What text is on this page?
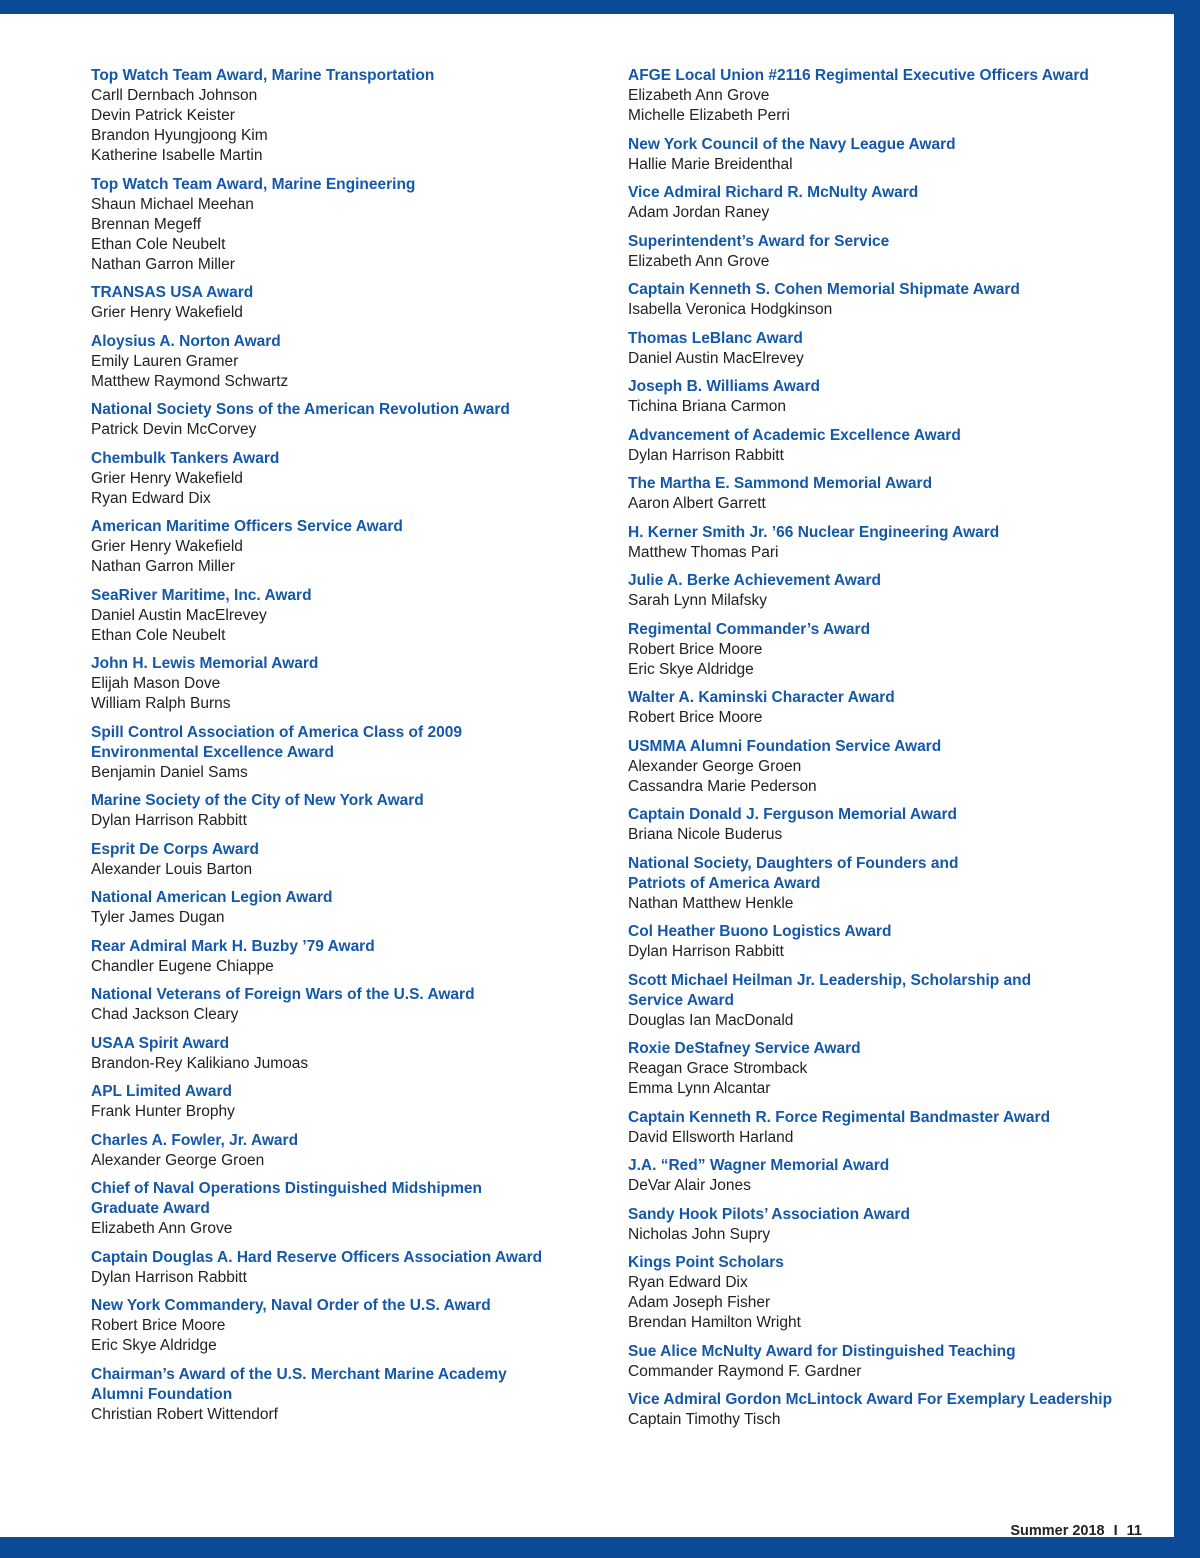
Top Watch Team Award, Marine Transportation
Carll Dernbach Johnson
Devin Patrick Keister
Brandon Hyungjoong Kim
Katherine Isabelle Martin
Top Watch Team Award, Marine Engineering
Shaun Michael Meehan
Brennan Megeff
Ethan Cole Neubelt
Nathan Garron Miller
TRANSAS USA Award
Grier Henry Wakefield
Aloysius A. Norton Award
Emily Lauren Gramer
Matthew Raymond Schwartz
National Society Sons of the American Revolution Award
Patrick Devin McCorvey
Chembulk Tankers Award
Grier Henry Wakefield
Ryan Edward Dix
American Maritime Officers Service Award
Grier Henry Wakefield
Nathan Garron Miller
SeaRiver Maritime, Inc. Award
Daniel Austin MacElrevey
Ethan Cole Neubelt
John H. Lewis Memorial Award
Elijah Mason Dove
William Ralph Burns
Spill Control Association of America Class of 2009
Environmental Excellence Award
Benjamin Daniel Sams
Marine Society of the City of New York Award
Dylan Harrison Rabbitt
Esprit De Corps Award
Alexander Louis Barton
National American Legion Award
Tyler James Dugan
Rear Admiral Mark H. Buzby ’79 Award
Chandler Eugene Chiappe
National Veterans of Foreign Wars of the U.S. Award
Chad Jackson Cleary
USAA Spirit Award
Brandon-Rey Kalikiano Jumoas
APL Limited Award
Frank Hunter Brophy
Charles A. Fowler, Jr. Award
Alexander George Groen
Chief of Naval Operations Distinguished Midshipmen
Graduate Award
Elizabeth Ann Grove
Captain Douglas A. Hard Reserve Officers Association Award
Dylan Harrison Rabbitt
New York Commandery, Naval Order of the U.S. Award
Robert Brice Moore
Eric Skye Aldridge
Chairman’s Award of the U.S. Merchant Marine Academy
Alumni Foundation
Christian Robert Wittendorf
AFGE Local Union #2116 Regimental Executive Officers Award
Elizabeth Ann Grove
Michelle Elizabeth Perri
New York Council of the Navy League Award
Hallie Marie Breidenthal
Vice Admiral Richard R. McNulty Award
Adam Jordan Raney
Superintendent’s Award for Service
Elizabeth Ann Grove
Captain Kenneth S. Cohen Memorial Shipmate Award
Isabella Veronica Hodgkinson
Thomas LeBlanc Award
Daniel Austin MacElrevey
Joseph B. Williams Award
Tichina Briana Carmon
Advancement of Academic Excellence Award
Dylan Harrison Rabbitt
The Martha E. Sammond Memorial Award
Aaron Albert Garrett
H. Kerner Smith Jr. ’66 Nuclear Engineering Award
Matthew Thomas Pari
Julie A. Berke Achievement Award
Sarah Lynn Milafsky
Regimental Commander’s Award
Robert Brice Moore
Eric Skye Aldridge
Walter A. Kaminski Character Award
Robert Brice Moore
USMMA Alumni Foundation Service Award
Alexander George Groen
Cassandra Marie Pederson
Captain Donald J. Ferguson Memorial Award
Briana Nicole Buderus
National Society, Daughters of Founders and
Patriots of America Award
Nathan Matthew Henkle
Col Heather Buono Logistics Award
Dylan Harrison Rabbitt
Scott Michael Heilman Jr. Leadership, Scholarship and
Service Award
Douglas Ian MacDonald
Roxie DeStafney Service Award
Reagan Grace Stromback
Emma Lynn Alcantar
Captain Kenneth R. Force Regimental Bandmaster Award
David Ellsworth Harland
J.A. “Red” Wagner Memorial Award
DeVar Alair Jones
Sandy Hook Pilots’ Association Award
Nicholas John Supry
Kings Point Scholars
Ryan Edward Dix
Adam Joseph Fisher
Brendan Hamilton Wright
Sue Alice McNulty Award for Distinguished Teaching
Commander Raymond F. Gardner
Vice Admiral Gordon McLintock Award For Exemplary Leadership
Captain Timothy Tisch
Summer 2018 I 11
